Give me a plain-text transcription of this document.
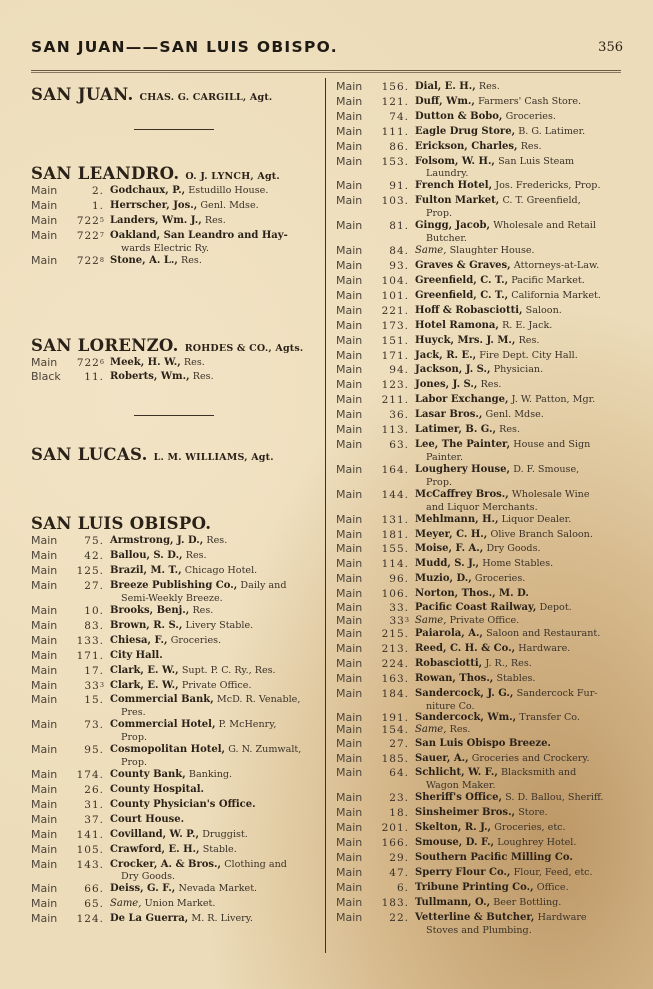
SAN JUAN——SAN LUIS OBISPO.	356
SAN JUAN. CHAS. G. CARGILL, Agt.
SAN LEANDRO. O. J. LYNCH, Agt.
Main	2. Godchaux, P., Estudillo House.
Main	1. Herrscher, Jos., Genl. Mdse.
Main	$722^5$ Landers, Wm. J., Res.
Main	$722^7$ Oakland, San Leandro and Hay-
wards Electric Ry.
Main	$722^8$ Stone, A. L., Res.
SAN LORENZO. ROHDES & CO., Agts.
Main	$722^6$ Meek, H. W., Res.
Black	11. Roberts, Wm., Res.
SAN LUCAS. L. M. WILLIAMS, Agt.
SAN LUIS OBISPO.
Main	75. Armstrong, J. D., Res.
Main	42. Ballou, S. D., Res.
Main	125. Brazil, M. T., Chicago Hotel.
Main	27. Breeze Publishing Co., Daily and
Semi-Weekly Breeze.
Main	10. Brooks, Benj., Res.
Main	83. Brown, R. S., Livery Stable.
Main	133. Chiesa, F., Groceries.
Main	171. City Hall.
Main	17. Clark, E. W., Supt. P. C. Ry., Res.
Main	$33^3$ Clark, E. W., Private Office.
Main	15. Commercial Bank, McD. R. Venable,
Pres.
Main	73. Commercial Hotel, P. McHenry,
Prop.
Main	95. Cosmopolitan Hotel, G. N. Zumwalt,
Prop.
Main	174. County Bank, Banking.
Main	26. County Hospital.
Main	31. County Physician's Office.
Main	37. Court House.
Main	141. Covilland, W. P., Druggist.
Main	105. Crawford, E. H., Stable.
Main	143. Crocker, A. & Bros., Clothing and
Dry Goods.
Main	66. Deiss, G. F., Nevada Market.
Main	65. Same, Union Market.
Main	124. De La Guerra, M. R. Livery.
Main	156. Dial, E. H., Res.
Main	121. Duff, Wm., Farmers' Cash Store.
Main	74. Dutton & Bobo, Groceries.
Main	111. Eagle Drug Store, B. G. Latimer.
Main	86. Erickson, Charles, Res.
Main	153. Folsom, W. H., San Luis Steam
Laundry.
Main	91. French Hotel, Jos. Fredericks, Prop.
Main	103. Fulton Market, C. T. Greenfield,
Prop.
Main	81. Gingg, Jacob, Wholesale and Retail
Butcher.
Main	84. Same, Slaughter House.
Main	93. Graves & Graves, Attorneys-at-Law.
Main	104. Greenfield, C. T., Pacific Market.
Main	101. Greenfield, C. T., California Market.
Main	221. Hoff & Robasciotti, Saloon.
Main	173. Hotel Ramona, R. E. Jack.
Main	151. Huyck, Mrs. J. M., Res.
Main	171. Jack, R. E., Fire Dept. City Hall.
Main	94. Jackson, J. S., Physician.
Main	123. Jones, J. S., Res.
Main	211. Labor Exchange, J. W. Patton, Mgr.
Main	36. Lasar Bros., Genl. Mdse.
Main	113. Latimer, B. G., Res.
Main	63. Lee, The Painter, House and Sign
Painter.
Main	164. Loughery House, D. F. Smouse,
Prop.
Main	144. McCaffrey Bros., Wholesale Wine
and Liquor Merchants.
Main	131. Mehlmann, H., Liquor Dealer.
Main	181. Meyer, C. H., Olive Branch Saloon.
Main	155. Moise, F. A., Dry Goods.
Main	114. Mudd, S. J., Home Stables.
Main	96. Muzio, D., Groceries.
Main	106. Norton, Thos., M. D.
Main	33. Pacific Coast Railway, Depot.
Main	$33^3$ Same, Private Office.
Main	215. Paiarola, A., Saloon and Restaurant.
Main	213. Reed, C. H. & Co., Hardware.
Main	224. Robasciotti, J. R., Res.
Main	163. Rowan, Thos., Stables.
Main	184. Sandercock, J. G., Sandercock Fur-
niture Co.
Main	191. Sandercock, Wm., Transfer Co.
Main	154. Same, Res.
Main	27. San Luis Obispo Breeze.
Main	185. Sauer, A., Groceries and Crockery.
Main	64. Schlicht, W. F., Blacksmith and
Wagon Maker.
Main	23. Sheriff's Office, S. D. Ballou, Sheriff.
Main	18. Sinsheimer Bros., Store.
Main	201. Skelton, R. J., Groceries, etc.
Main	166. Smouse, D. F., Loughrey Hotel.
Main	29. Southern Pacific Milling Co.
Main	47. Sperry Flour Co., Flour, Feed, etc.
Main	6. Tribune Printing Co., Office.
Main	183. Tullmann, O., Beer Bottling.
Main	22. Vetterline & Butcher, Hardware
Stoves and Plumbing.
